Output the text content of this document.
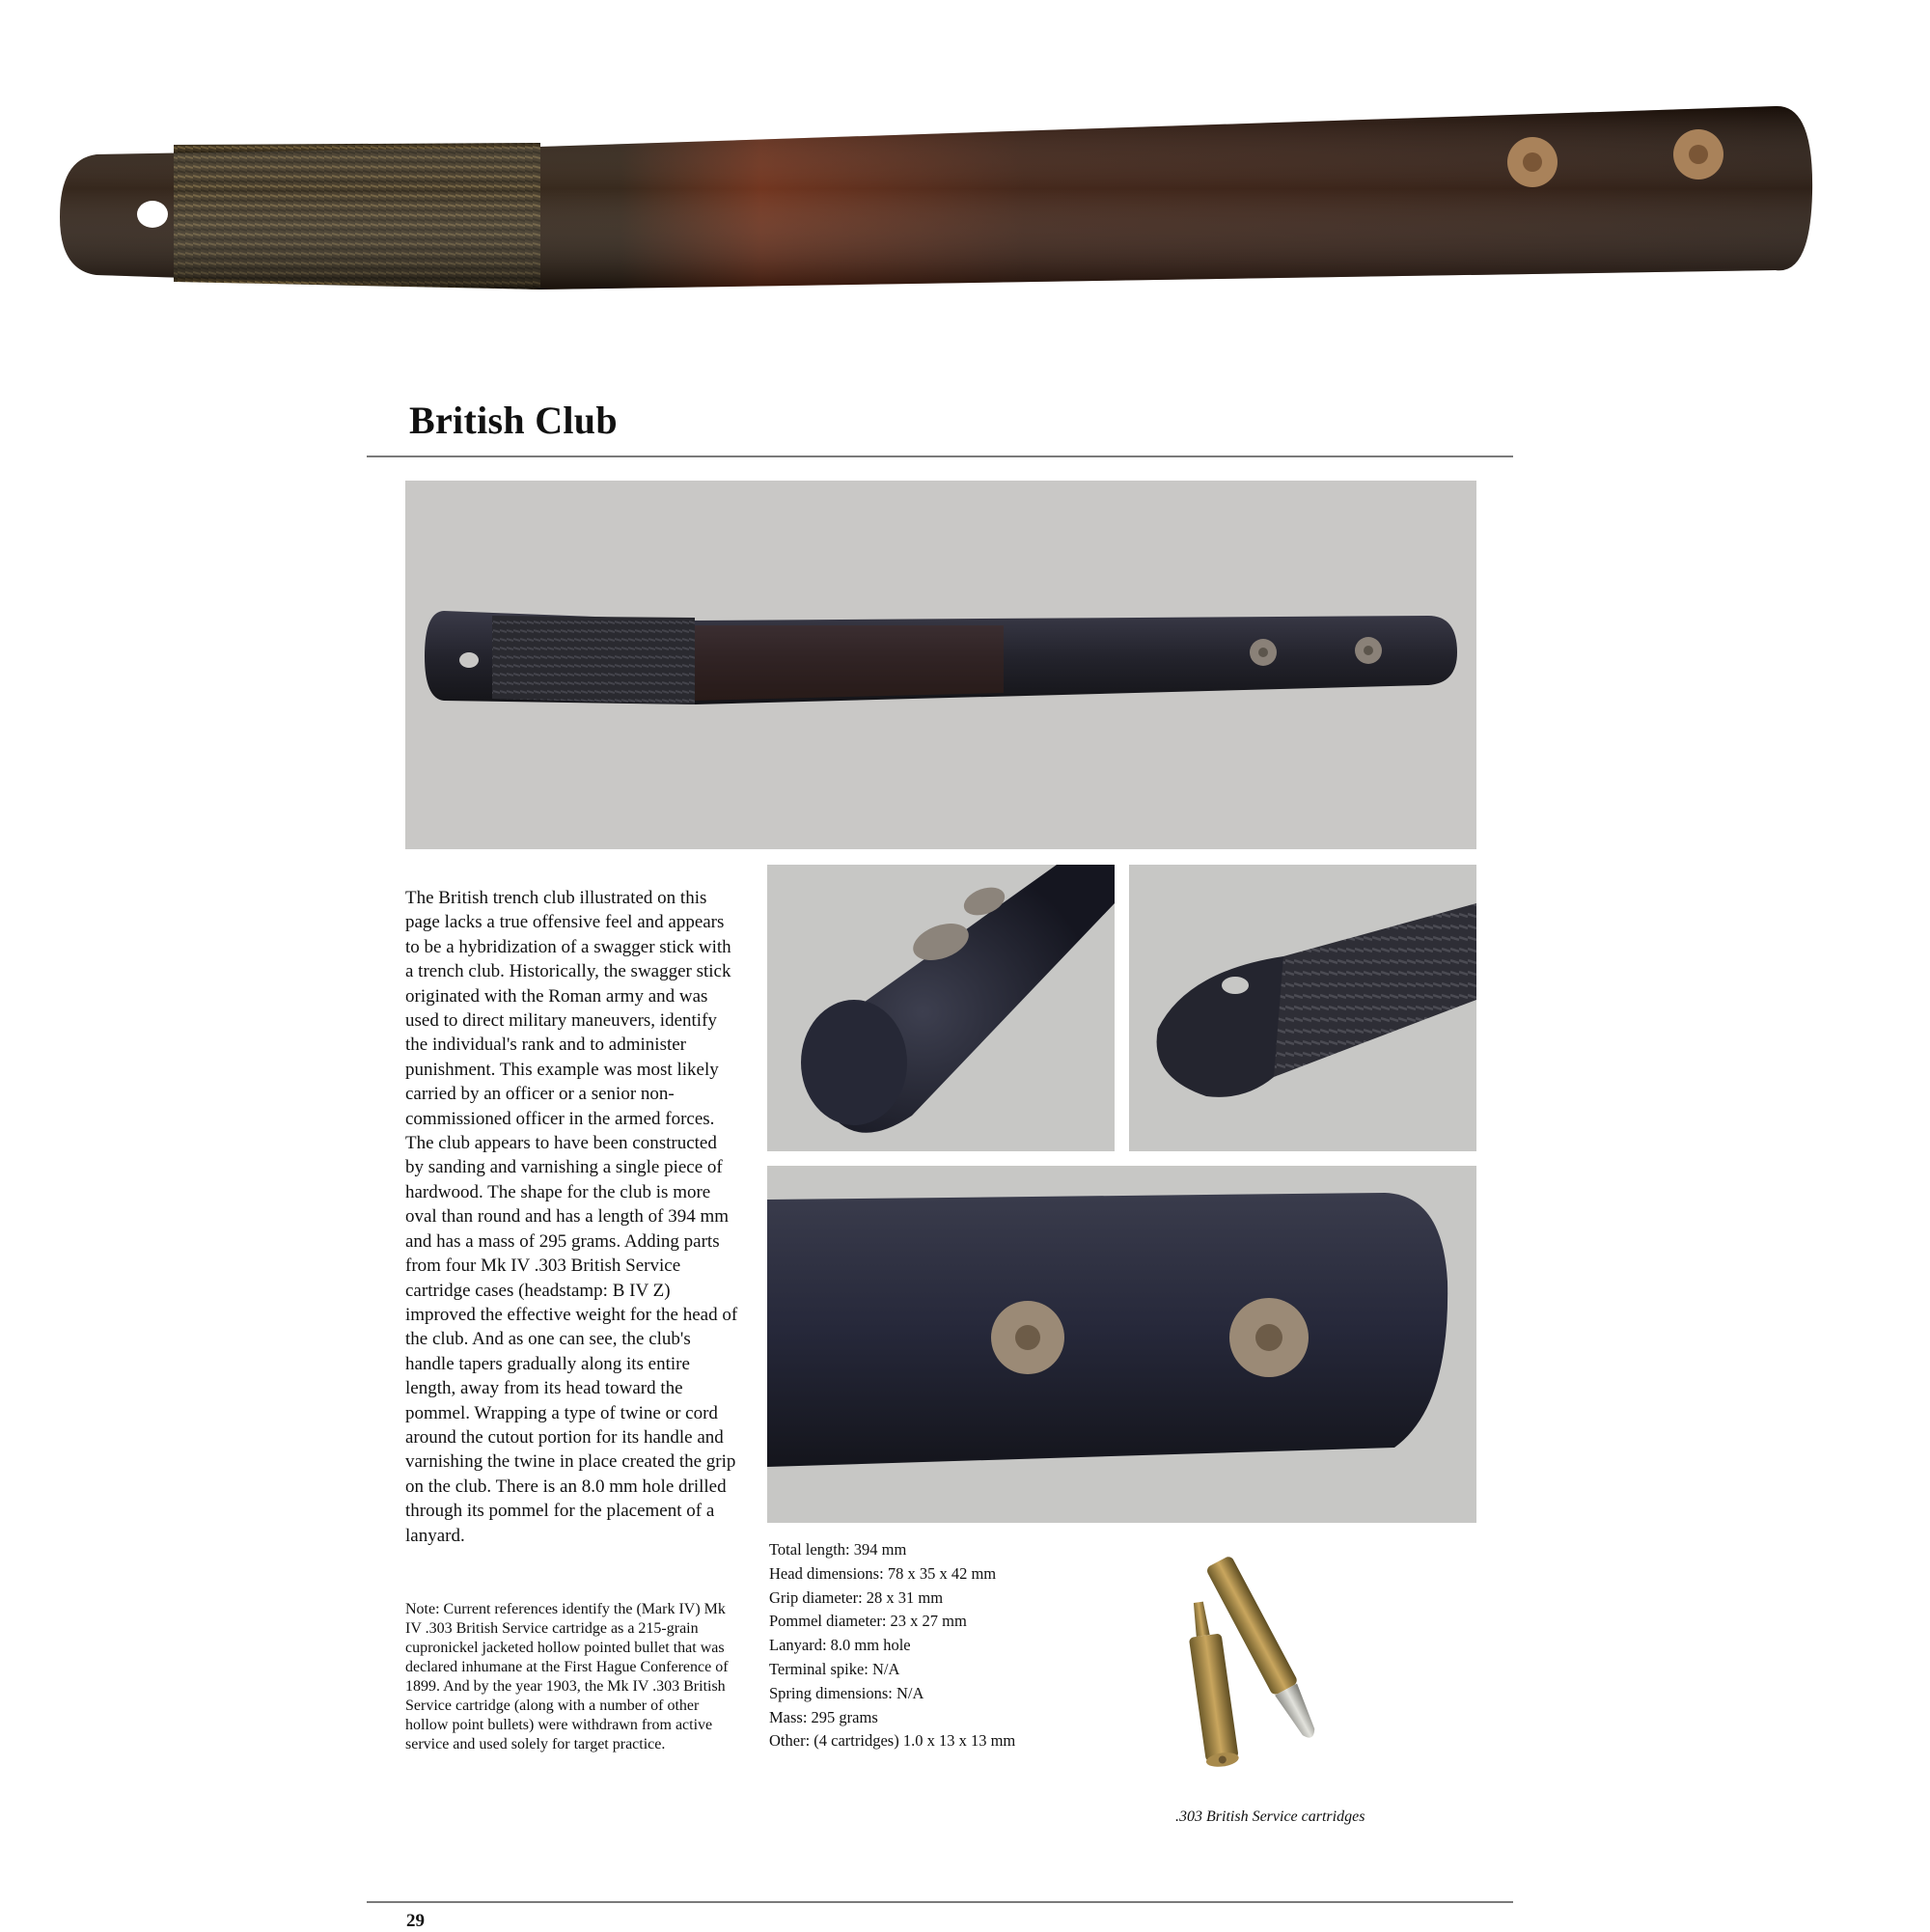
British Club

The British trench club illustrated on this page lacks a true offensive feel and appears to be a hybridization of a swagger stick with a trench club. Historically, the swagger stick originated with the Roman army and was used to direct military maneuvers, identify the individual's rank and to administer punishment. This example was most likely carried by an officer or a senior non-commissioned officer in the armed forces. The club appears to have been constructed by sanding and varnishing a single piece of hardwood. The shape for the club is more oval than round and has a length of 394 mm and has a mass of 295 grams. Adding parts from four Mk IV .303 British Service cartridge cases (headstamp: B IV Z) improved the effective weight for the head of the club. And as one can see, the club's handle tapers gradually along its entire length, away from its head toward the pommel. Wrapping a type of twine or cord around the cutout portion for its handle and varnishing the twine in place created the grip on the club. There is an 8.0 mm hole drilled through its pommel for the placement of a lanyard.

Note: Current references identify the (Mark IV) Mk IV .303 British Service cartridge as a 215-grain cupronickel jacketed hollow pointed bullet that was declared inhumane at the First Hague Conference of 1899. And by the year 1903, the Mk IV .303 British Service cartridge (along with a number of other hollow point bullets) were withdrawn from active service and used solely for target practice.

Total length: 394 mm
Head dimensions: 78 x 35 x 42 mm
Grip diameter: 28 x 31 mm
Pommel diameter: 23 x 27 mm
Lanyard: 8.0 mm hole
Terminal spike: N/A
Spring dimensions: N/A
Mass: 295 grams
Other: (4 cartridges) 1.0 x 13 x 13 mm
.303 British Service cartridges
29
